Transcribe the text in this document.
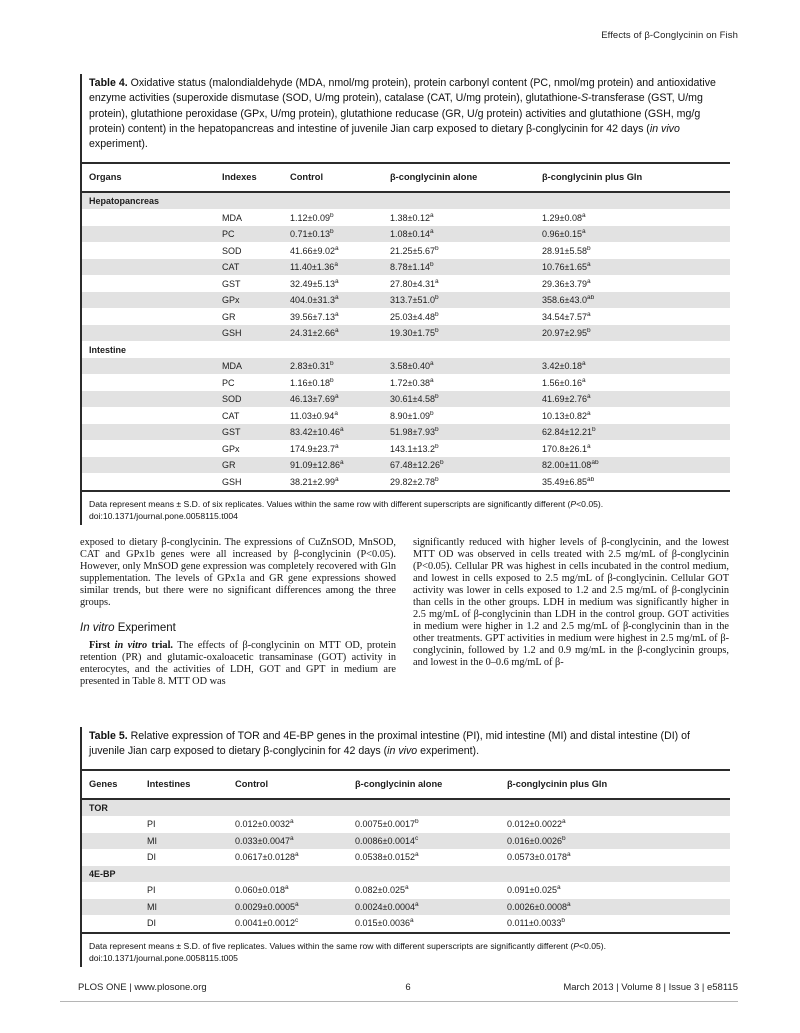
Effects of β-Conglycinin on Fish
Table 4. Oxidative status (malondialdehyde (MDA, nmol/mg protein), protein carbonyl content (PC, nmol/mg protein) and antioxidative enzyme activities (superoxide dismutase (SOD, U/mg protein), catalase (CAT, U/mg protein), glutathione-S-transferase (GST, U/mg protein), glutathione peroxidase (GPx, U/mg protein), glutathione reducase (GR, U/g protein) activities and glutathione (GSH, mg/g protein) content) in the hepatopancreas and intestine of juvenile Jian carp exposed to dietary β-conglycinin for 42 days (in vivo experiment).
Organs	Indexes	Control	β-conglycinin alone	β-conglycinin plus Gln
Hepatopancreas
MDA	1.12±0.09$^b$	1.38±0.12$^a$	1.29±0.08$^a$
PC	0.71±0.13$^b$	1.08±0.14$^a$	0.96±0.15$^a$
SOD	41.66±9.02$^a$	21.25±5.67$^b$	28.91±5.58$^b$
CAT	11.40±1.36$^a$	8.78±1.14$^b$	10.76±1.65$^a$
GST	32.49±5.13$^a$	27.80±4.31$^a$	29.36±3.79$^a$
GPx	404.0±31.3$^a$	313.7±51.0$^b$	358.6±43.0$^{ab}$
GR	39.56±7.13$^a$	25.03±4.48$^b$	34.54±7.57$^a$
GSH	24.31±2.66$^a$	19.30±1.75$^b$	20.97±2.95$^b$
Intestine
MDA	2.83±0.31$^b$	3.58±0.40$^a$	3.42±0.18$^a$
PC	1.16±0.18$^b$	1.72±0.38$^a$	1.56±0.16$^a$
SOD	46.13±7.69$^a$	30.61±4.58$^b$	41.69±2.76$^a$
CAT	11.03±0.94$^a$	8.90±1.09$^b$	10.13±0.82$^a$
GST	83.42±10.46$^a$	51.98±7.93$^b$	62.84±12.21$^b$
GPx	174.9±23.7$^a$	143.1±13.2$^b$	170.8±26.1$^a$
GR	91.09±12.86$^a$	67.48±12.26$^b$	82.00±11.08$^{ab}$
GSH	38.21±2.99$^a$	29.82±2.78$^b$	35.49±6.85$^{ab}$
Data represent means ± S.D. of six replicates. Values within the same row with different superscripts are significantly different (P<0.05).
doi:10.1371/journal.pone.0058115.t004
exposed to dietary β-conglycinin. The expressions of CuZnSOD, MnSOD, CAT and GPx1b genes were all increased by β-conglycinin (P<0.05). However, only MnSOD gene expression was completely recovered with Gln supplementation. The levels of GPx1a and GR gene expressions showed similar trends, but there were no significant differences among the three groups.
In vitro Experiment
First in vitro trial. The effects of β-conglycinin on MTT OD, protein retention (PR) and glutamic-oxaloacetic transaminase (GOT) activity in enterocytes, and the activities of LDH, GOT and GPT in medium are presented in Table 8. MTT OD was
significantly reduced with higher levels of β-conglycinin, and the lowest MTT OD was observed in cells treated with 2.5 mg/mL of β-conglycinin (P<0.05). Cellular PR was highest in cells incubated in the control medium, and lowest in cells exposed to 2.5 mg/mL of β-conglycinin. Cellular GOT activity was lower in cells exposed to 1.2 and 2.5 mg/mL of β-conglycinin than cells in the other groups. LDH in medium was significantly higher in 2.5 mg/mL of β-conglycinin than LDH in the control group. GOT activities in medium were higher in 1.2 and 2.5 mg/mL of β-conglycinin than in the other treatments. GPT activities in medium were highest in 2.5 mg/mL of β-conglycinin, followed by 1.2 and 0.9 mg/mL in the β-conglycinin groups, and lowest in the 0–0.6 mg/mL of β-
Table 5. Relative expression of TOR and 4E-BP genes in the proximal intestine (PI), mid intestine (MI) and distal intestine (DI) of juvenile Jian carp exposed to dietary β-conglycinin for 42 days (in vivo experiment).
Genes	Intestines	Control	β-conglycinin alone	β-conglycinin plus Gln
TOR
PI	0.012±0.0032$^a$	0.0075±0.0017$^b$	0.012±0.0022$^a$
MI	0.033±0.0047$^a$	0.0086±0.0014$^c$	0.016±0.0026$^b$
DI	0.0617±0.0128$^a$	0.0538±0.0152$^a$	0.0573±0.0178$^a$
4E-BP
PI	0.060±0.018$^a$	0.082±0.025$^a$	0.091±0.025$^a$
MI	0.0029±0.0005$^a$	0.0024±0.0004$^a$	0.0026±0.0008$^a$
DI	0.0041±0.0012$^c$	0.015±0.0036$^a$	0.011±0.0033$^b$
Data represent means ± S.D. of five replicates. Values within the same row with different superscripts are significantly different (P<0.05).
doi:10.1371/journal.pone.0058115.t005
PLOS ONE | www.plosone.org	6	March 2013 | Volume 8 | Issue 3 | e58115
